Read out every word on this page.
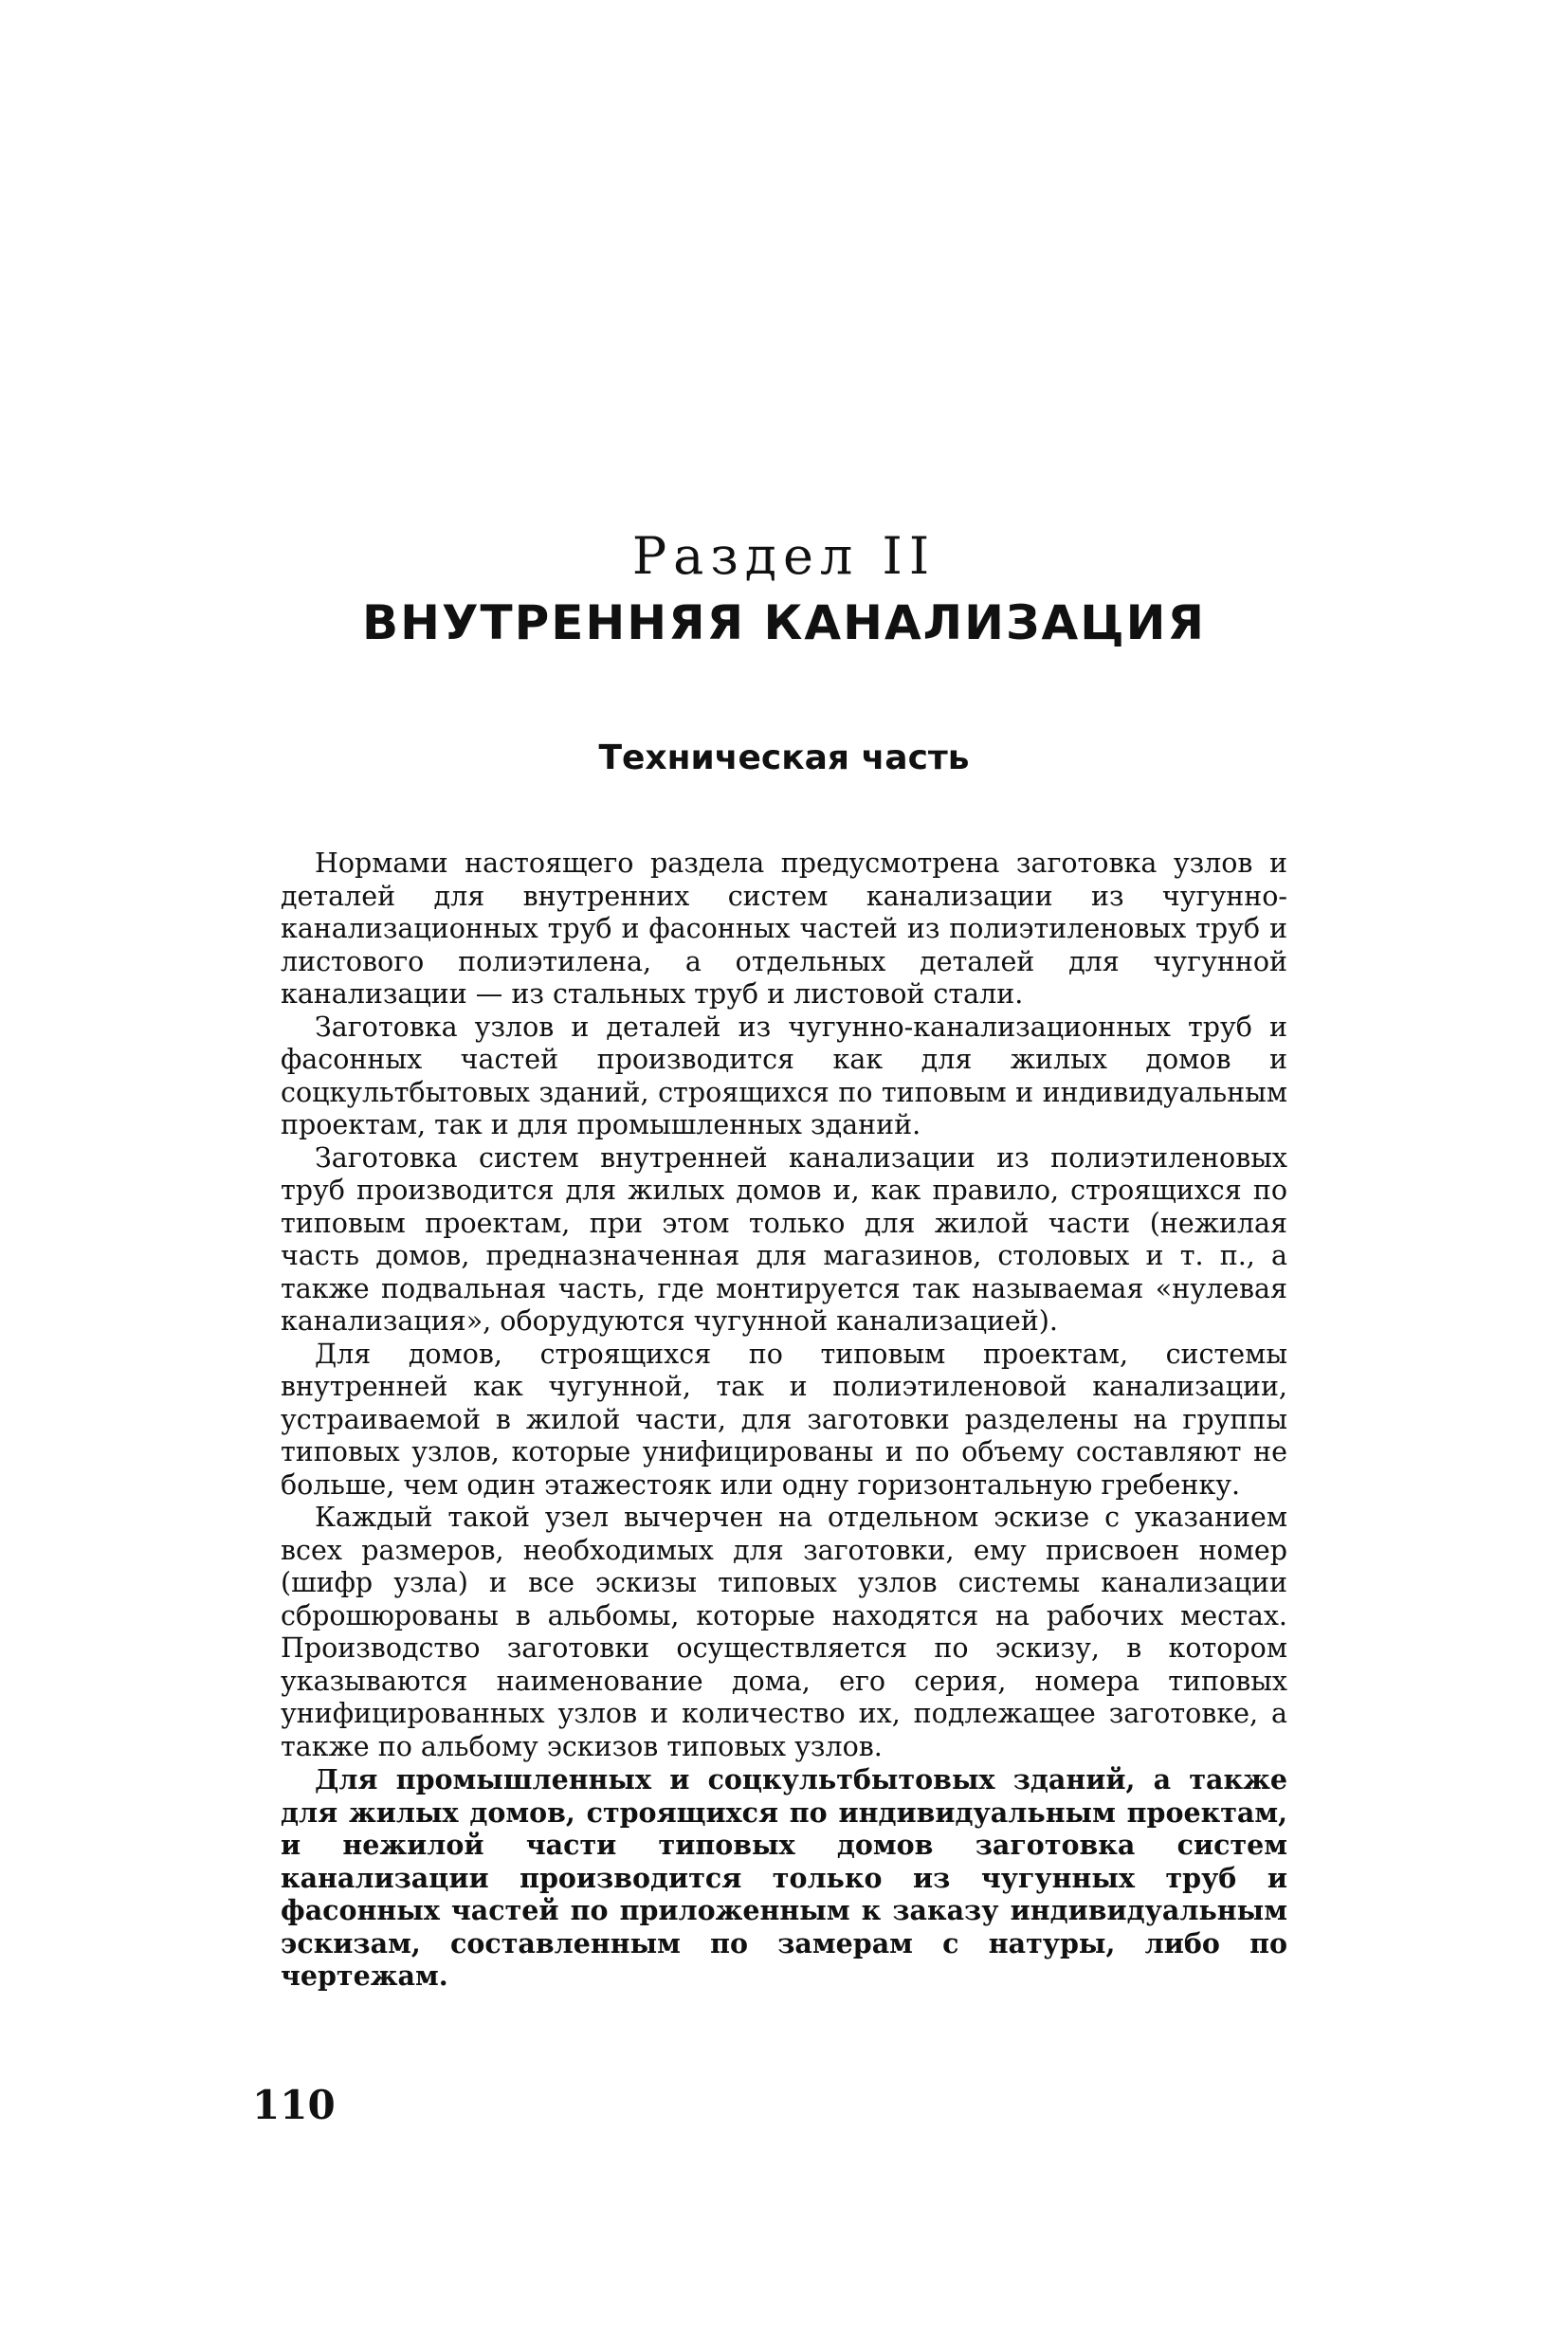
Раздел II
ВНУТРЕННЯЯ КАНАЛИЗАЦИЯ
Техническая часть

Нормами настоящего раздела предусмотрена заготовка узлов и деталей для внутренних систем канализации из чугунно-канализационных труб и фасонных частей из полиэтиленовых труб и листового полиэтилена, а отдельных деталей для чугунной канализации — из стальных труб и листовой стали.

Заготовка узлов и деталей из чугунно-канализационных труб и фасонных частей производится как для жилых домов и соцкультбытовых зданий, строящихся по типовым и индивидуальным проектам, так и для промышленных зданий.

Заготовка систем внутренней канализации из полиэтиленовых труб производится для жилых домов и, как правило, строящихся по типовым проектам, при этом только для жилой части (нежилая часть домов, предназначенная для магазинов, столовых и т. п., а также подвальная часть, где монтируется так называемая «нулевая канализация», оборудуются чугунной канализацией).

Для домов, строящихся по типовым проектам, системы внутренней как чугунной, так и полиэтиленовой канализации, устраиваемой в жилой части, для заготовки разделены на группы типовых узлов, которые унифицированы и по объему составляют не больше, чем один этажестояк или одну горизонтальную гребенку.

Каждый такой узел вычерчен на отдельном эскизе с указанием всех размеров, необходимых для заготовки, ему присвоен номер (шифр узла) и все эскизы типовых узлов системы канализации сброшюрованы в альбомы, которые находятся на рабочих местах. Производство заготовки осуществляется по эскизу, в котором указываются наименование дома, его серия, номера типовых унифицированных узлов и количество их, подлежащее заготовке, а также по альбому эскизов типовых узлов.

Для промышленных и соцкультбытовых зданий, а также для жилых домов, строящихся по индивидуальным проектам, и нежилой части типовых домов заготовка систем канализации производится только из чугунных труб и фасонных частей по приложенным к заказу индивидуальным эскизам, составленным по замерам с натуры, либо по чертежам.

110
